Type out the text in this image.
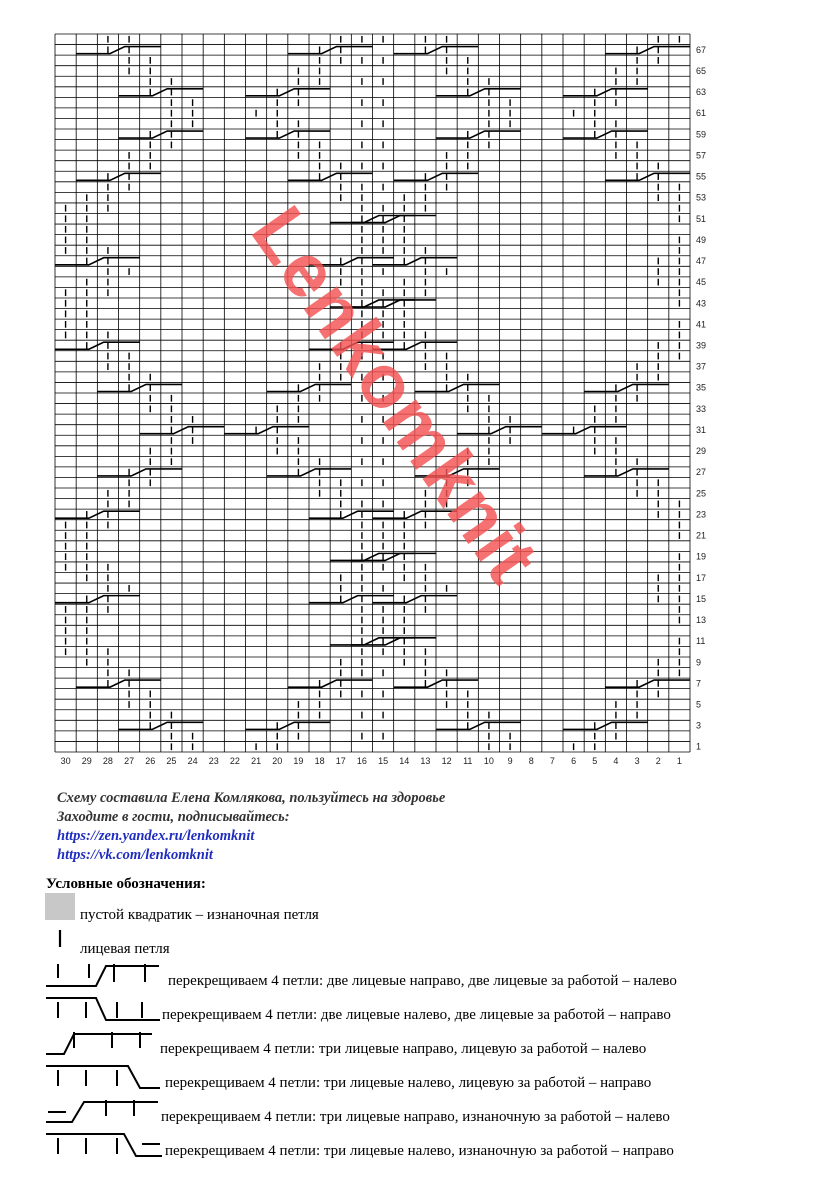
30 29 28 27 26 25 24 23 22 21 20 19 18 17 16 15 14 13 12 11 10 9 8 7 6 5 4 3 2 1
67
65
63
61
59
57
55
53
51
49
47
45
43
41
39
37
35
33
31
29
27
25
23
21
19
17
15
13
11
9
7
5
3
1
Lenkomknit
Схему составила Елена Комлякова, пользуйтесь на здоровье
Заходите в гости, подписывайтесь:
https://zen.yandex.ru/lenkomknit
https://vk.com/lenkomknit
Условные обозначения:
пустой квадратик – изнаночная петля
лицевая петля
перекрещиваем 4 петли: две лицевые направо, две лицевые за работой – налево
перекрещиваем 4 петли: две лицевые налево, две лицевые за работой – направо
перекрещиваем 4 петли: три лицевые направо, лицевую за работой – налево
перекрещиваем 4 петли: три лицевые налево, лицевую за работой – направо
перекрещиваем 4 петли: три лицевые направо, изнаночную за работой – налево
перекрещиваем 4 петли: три лицевые налево, изнаночную за работой – направо
